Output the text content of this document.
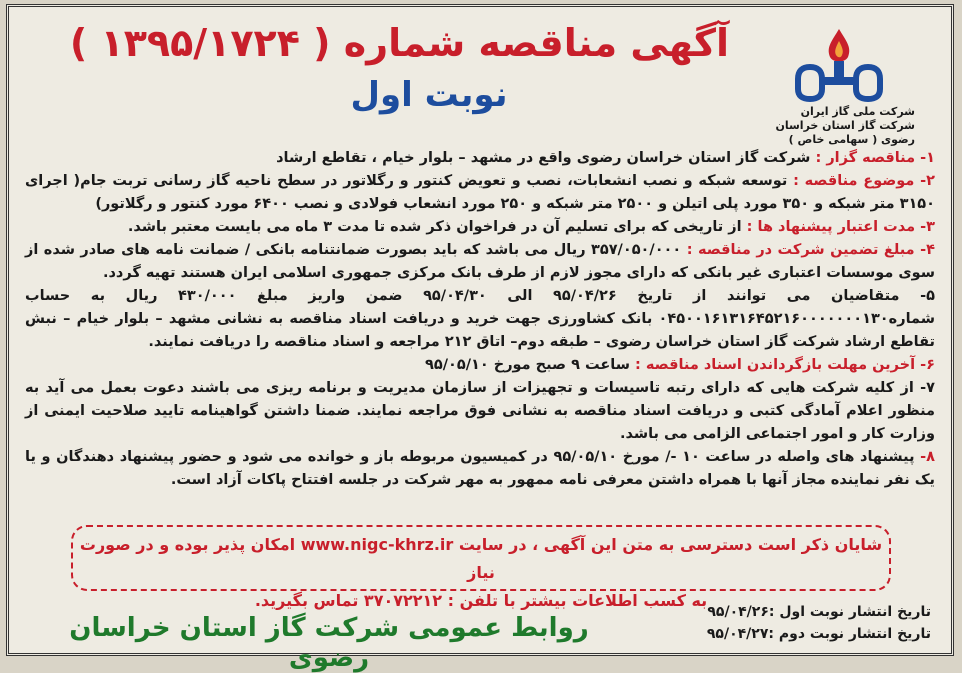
آگهی مناقصه شماره ( ۱۳۹۵/۱۷۲۴ )
نوبت اول	شرکت ملی گاز ایران
شرکت گاز استان خراسان رضوی ( سهامی خاص )

۱- مناقصه گزار : شرکت گاز استان خراسان رضوی واقع در مشهد – بلوار خیام ، تقاطع ارشاد

۲- موضوع مناقصه : توسعه شبکه و نصب انشعابات، نصب و تعویض کنتور و رگلاتور در سطح ناحیه گاز رسانی تربت جام( اجرای ۳۱۵۰ متر شبکه و ۳۵۰ مورد پلی اتیلن و ۲۵۰۰ متر شبکه و ۲۵۰ مورد انشعاب فولادی و نصب ۶۴۰۰ مورد کنتور و رگلاتور)

۳- مدت اعتبار پیشنهاد ها : از تاریخی که برای تسلیم آن در فراخوان ذکر شده تا مدت ۳ ماه می بایست معتبر باشد.

۴- مبلغ تضمین شرکت در مناقصه : ۳۵۷/۰۵۰/۰۰۰ ریال می باشد که باید بصورت ضمانتنامه بانکی / ضمانت نامه های صادر شده از سوی موسسات اعتباری غیر بانکی که دارای مجوز لازم از طرف بانک مرکزی جمهوری اسلامی ایران هستند تهیه گردد.

۵- متقاضیان می توانند از تاریخ ۹۵/۰۴/۲۶ الی ۹۵/۰۴/۳۰ ضمن واریز مبلغ ۴۳۰/۰۰۰ ریال به حساب شماره۰۴۵۰۰۱۶۱۳۱۶۴۵۲۱۶۰۰۰۰۰۰۰۱۳۰ بانک کشاورزی جهت خرید و دریافت اسناد مناقصه به نشانی مشهد – بلوار خیام – نبش تقاطع ارشاد شرکت گاز استان خراسان رضوی – طبقه دوم– اتاق ۲۱۲ مراجعه و اسناد مناقصه را دریافت نمایند.

۶- آخرین مهلت بازگرداندن اسناد مناقصه : ساعت ۹ صبح مورخ ۹۵/۰۵/۱۰

۷- از کلیه شرکت هایی که دارای رتبه تاسیسات و تجهیزات از سازمان مدیریت و برنامه ریزی می باشند دعوت بعمل می آید به منظور اعلام آمادگی کتبی و دریافت اسناد مناقصه به نشانی فوق مراجعه نمایند. ضمنا داشتن گواهینامه تایید صلاحیت ایمنی از وزارت کار و امور اجتماعی الزامی می باشد.

۸- پیشنهاد های واصله در ساعت ۱۰ -/ مورخ ۹۵/۰۵/۱۰ در کمیسیون مربوطه باز و خوانده می شود و حضور پیشنهاد دهندگان و یا یک نفر نماینده مجاز آنها با همراه داشتن معرفی نامه ممهور به مهر شرکت در جلسه افتتاح پاکات آزاد است.

شایان ذکر است دسترسی به متن این آگهی ، در سایت www.nigc-khrz.ir امکان پذیر بوده و در صورت نیاز
به کسب اطلاعات بیشتر با تلفن : ۳۷۰۷۲۲۱۲ تماس بگیرید.
تاریخ انتشار نوبت اول :۹۵/۰۴/۲۶
تاریخ انتشار نوبت دوم :۹۵/۰۴/۲۷
روابط عمومی شرکت گاز استان خراسان رضوی
